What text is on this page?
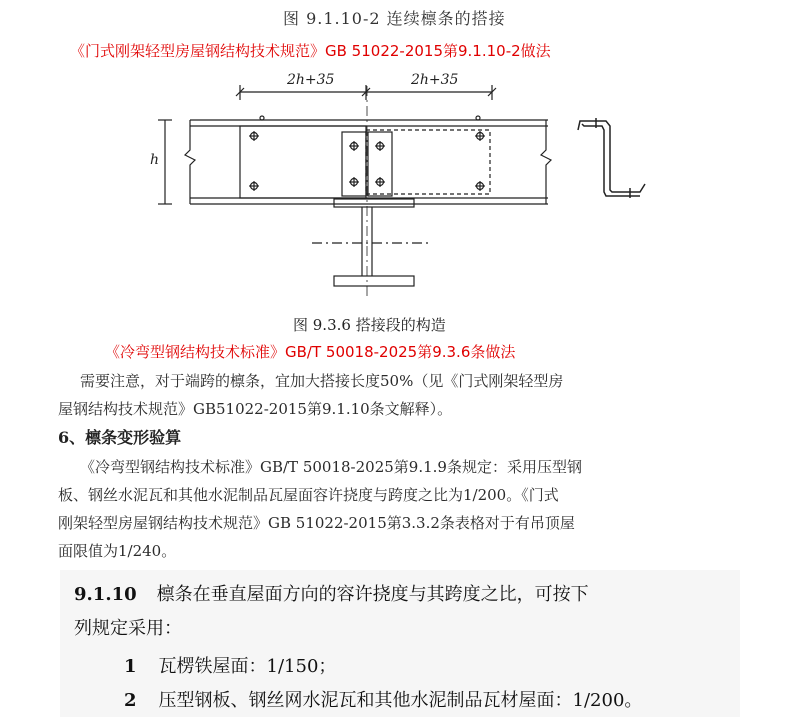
图 9.1.10-2 连续檩条的搭接
《门式刚架轻型房屋钢结构技术规范》GB 51022-2015第9.1.10-2做法
2h+35	2h+35
h
图 9.3.6 搭接段的构造
《冷弯型钢结构技术标准》GB/T 50018-2025第9.3.6条做法
需要注意，对于端跨的檩条，宜加大搭接长度50%（见《门式刚架轻型房
屋钢结构技术规范》GB51022-2015第9.1.10条文解释）。
6、檩条变形验算
《冷弯型钢结构技术标准》GB/T 50018-2025第9.1.9条规定：采用压型钢
板、钢丝水泥瓦和其他水泥制品瓦屋面容许挠度与跨度之比为1/200。《门式
刚架轻型房屋钢结构技术规范》GB 51022-2015第3.3.2条表格对于有吊顶屋
面限值为1/240。
9.1.10 檩条在垂直屋面方向的容许挠度与其跨度之比，可按下
列规定采用：
1 瓦楞铁屋面：1/150；
2 压型钢板、钢丝网水泥瓦和其他水泥制品瓦材屋面：1/200。
